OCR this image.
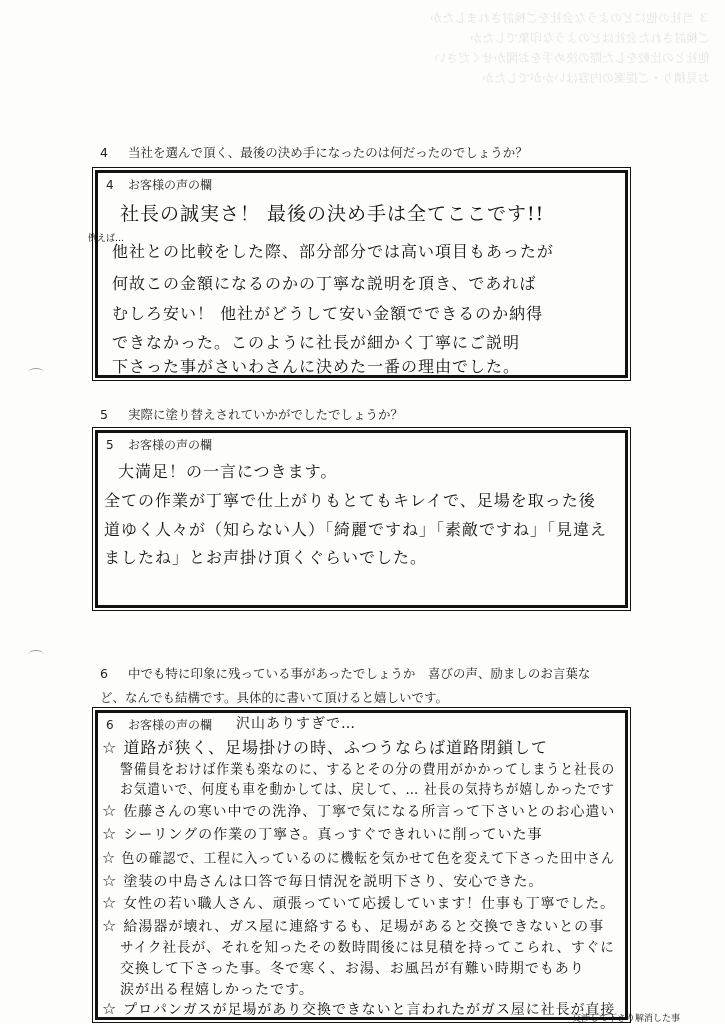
３ 当社の他にどのような会社をご検討されましたか
ご検討された会社はどのような印象でしたか
他社との比較をした際の決め手をお聞かせください
お見積り・ご提案の内容はいかがでしたか
4 当社を選んで頂く、最後の決め手になったのは何だったのでしょうか？
4 お客様の声の欄
社長の誠実さ！ 最後の決め手は全てここです!!
例えば…
他社との比較をした際、部分部分では高い項目もあったが
何故この金額になるのかの丁寧な説明を頂き、であれば
むしろ安い！ 他社がどうして安い金額でできるのか納得
できなかった。このように社長が細かく丁寧にご説明
下さった事がさいわさんに決めた一番の理由でした。
5 実際に塗り替えされていかがでしたでしょうか？
5 お客様の声の欄
大満足！の一言につきます。
全ての作業が丁寧で仕上がりもとてもキレイで、足場を取った後
道ゆく人々が（知らない人）「綺麗ですね」「素敵ですね」「見違え
ましたね」とお声掛け頂くぐらいでした。
6 中でも特に印象に残っている事があったでしょうか　喜びの声、励ましのお言葉な
ど、なんでも結構です。具体的に書いて頂けると嬉しいです。
6 お客様の声の欄 沢山ありすぎで…
☆ 道路が狭く、足場掛けの時、ふつうならば道路閉鎖して
警備員をおけば作業も楽なのに、するとその分の費用がかかってしまうと社長の
お気遣いで、何度も車を動かしては、戻して、… 社長の気持ちが嬉しかったです
☆ 佐藤さんの寒い中での洗浄、丁寧で気になる所言って下さいとのお心遣い
☆ シーリングの作業の丁寧さ。真っすぐできれいに削っていた事
☆ 色の確認で、工程に入っているのに機転を気かせて色を変えて下さった田中さん
☆ 塗装の中島さんは口答で毎日情況を説明下さり、安心できた。
☆ 女性の若い職人さん、頑張っていて応援しています！仕事も丁寧でした。
☆ 給湯器が壊れ、ガス屋に連絡するも、足場があると交換できないとの事
サイク社長が、それを知ったその数時間後には見積を持ってこられ、すぐに
交換して下さった事。冬で寒く、お湯、お風呂が有難い時期でもあり
涙が出る程嬉しかったです。
☆ プロパンガスが足場があり交換できないと言われたがガス屋に社長が直接
交渉して下さり解消した事
